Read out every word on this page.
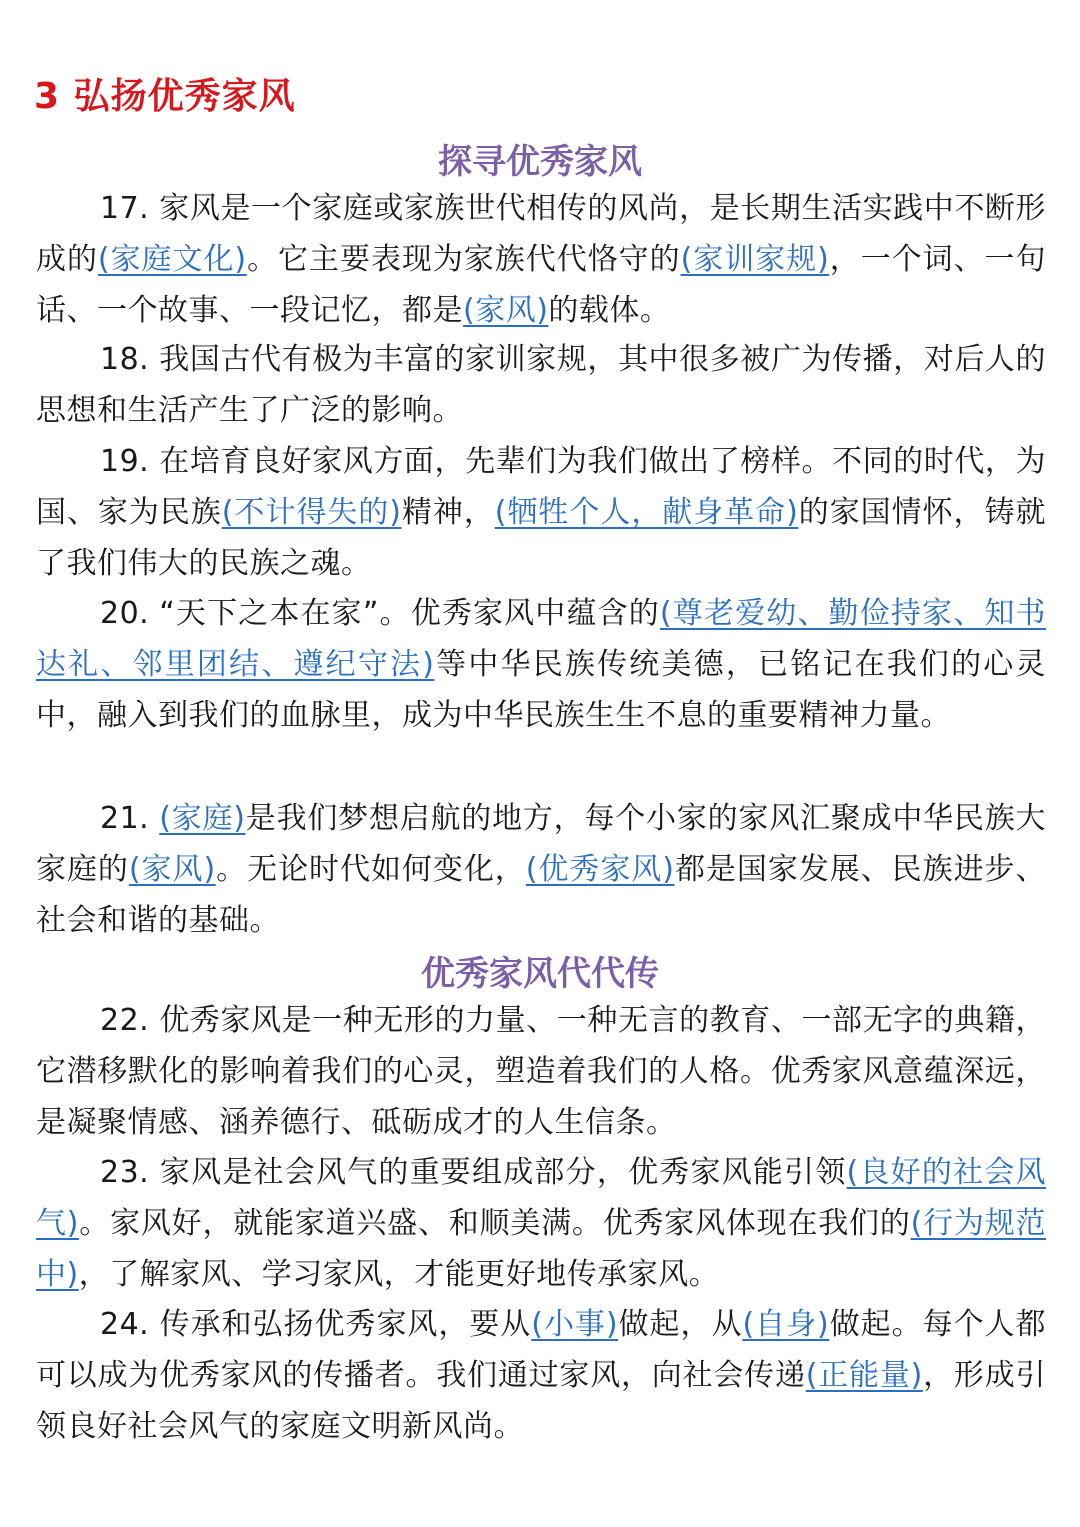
3 弘扬优秀家风
探寻优秀家风

17. 家风是一个家庭或家族世代相传的风尚，是长期生活实践中不断形成的(家庭文化)。它主要表现为家族代代恪守的(家训家规)，一个词、一句话、一个故事、一段记忆，都是(家风)的载体。

18. 我国古代有极为丰富的家训家规，其中很多被广为传播，对后人的思想和生活产生了广泛的影响。

19. 在培育良好家风方面，先辈们为我们做出了榜样。不同的时代，为国、家为民族(不计得失的)精神，(牺牲个人，献身革命)的家国情怀，铸就了我们伟大的民族之魂。

20. “天下之本在家”。优秀家风中蕴含的(尊老爱幼、勤俭持家、知书达礼、邻里团结、遵纪守法)等中华民族传统美德，已铭记在我们的心灵中，融入到我们的血脉里，成为中华民族生生不息的重要精神力量。

21. (家庭)是我们梦想启航的地方，每个小家的家风汇聚成中华民族大家庭的(家风)。无论时代如何变化，(优秀家风)都是国家发展、民族进步、社会和谐的基础。

优秀家风代代传

22. 优秀家风是一种无形的力量、一种无言的教育、一部无字的典籍，它潜移默化的影响着我们的心灵，塑造着我们的人格。优秀家风意蕴深远，是凝聚情感、涵养德行、砥砺成才的人生信条。

23. 家风是社会风气的重要组成部分，优秀家风能引领(良好的社会风气)。家风好，就能家道兴盛、和顺美满。优秀家风体现在我们的(行为规范中)，了解家风、学习家风，才能更好地传承家风。

24. 传承和弘扬优秀家风，要从(小事)做起，从(自身)做起。每个人都可以成为优秀家风的传播者。我们通过家风，向社会传递(正能量)，形成引领良好社会风气的家庭文明新风尚。
